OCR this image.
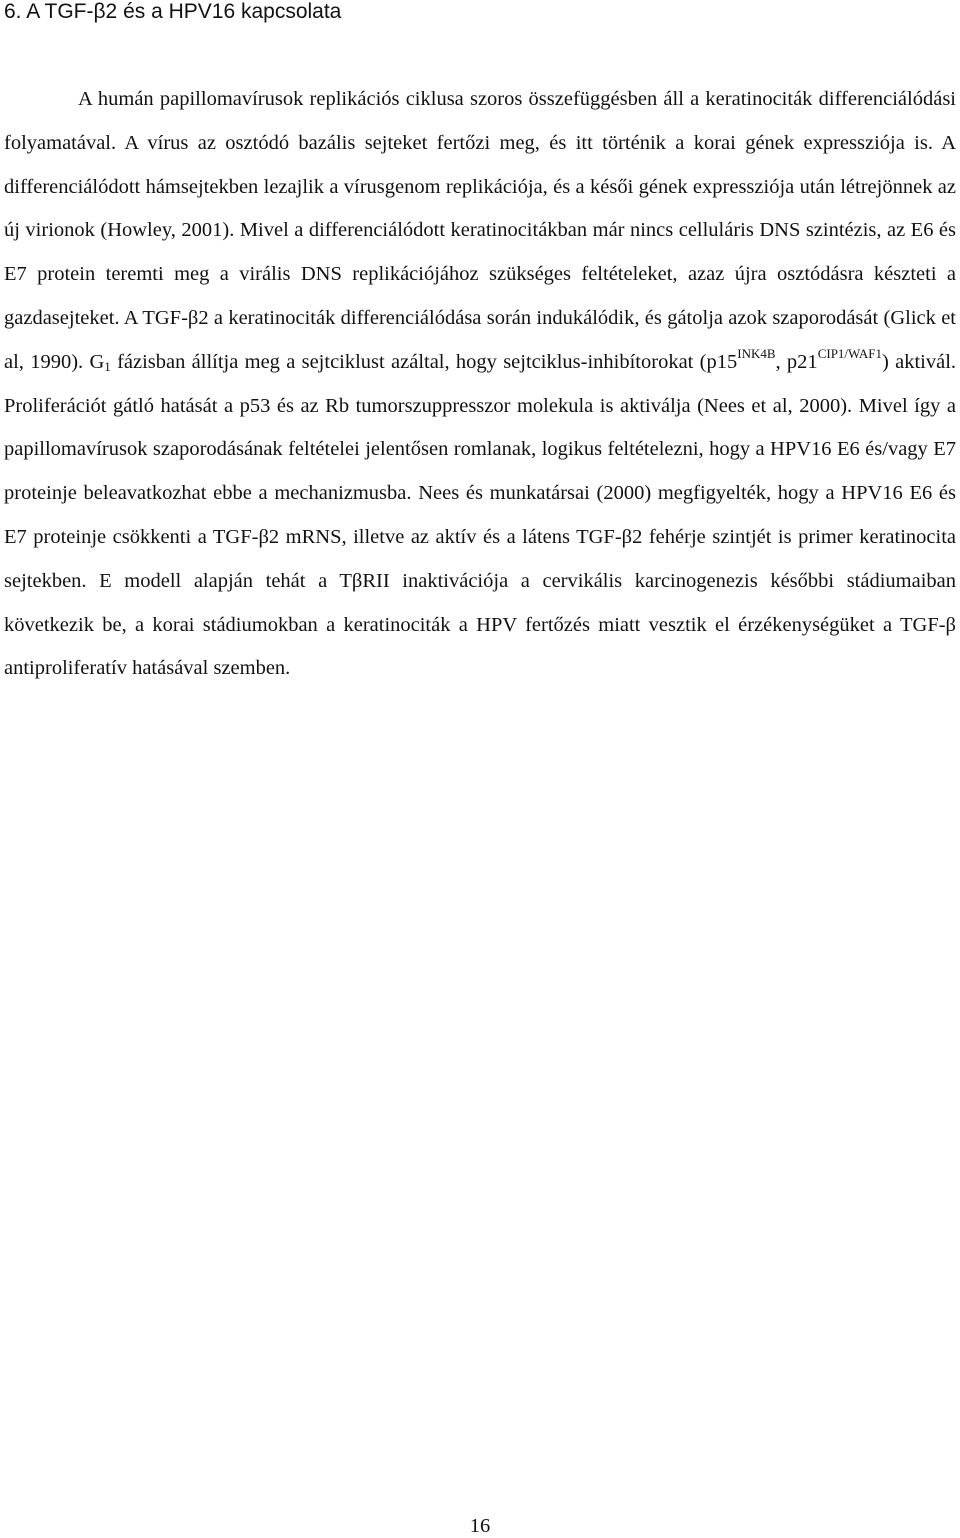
6. A TGF-β2 és a HPV16 kapcsolata

A humán papillomavírusok replikációs ciklusa szoros összefüggésben áll a keratinociták differenciálódási folyamatával. A vírus az osztódó bazális sejteket fertőzi meg, és itt történik a korai gének expressziója is. A differenciálódott hámsejtekben lezajlik a vírusgenom replikációja, és a késői gének expressziója után létrejönnek az új virionok (Howley, 2001). Mivel a differenciálódott keratinocitákban már nincs celluláris DNS szintézis, az E6 és E7 protein teremti meg a virális DNS replikációjához szükséges feltételeket, azaz újra osztódásra készteti a gazdasejteket. A TGF-β2 a keratinociták differenciálódása során indukálódik, és gátolja azok szaporodását (Glick et al, 1990). $G_1$ fázisban állítja meg a sejtciklust azáltal, hogy sejtciklus-inhibítorokat ($p15^{INK4B}$, $p21^{CIP1/WAF1}$) aktivál. Proliferációt gátló hatását a p53 és az Rb tumorszuppresszor molekula is aktiválja (Nees et al, 2000). Mivel így a papillomavírusok szaporodásának feltételei jelentősen romlanak, logikus feltételezni, hogy a HPV16 E6 és/vagy E7 proteinje beleavatkozhat ebbe a mechanizmusba. Nees és munkatársai (2000) megfigyelték, hogy a HPV16 E6 és E7 proteinje csökkenti a TGF-β2 mRNS, illetve az aktív és a látens TGF-β2 fehérje szintjét is primer keratinocita sejtekben. E modell alapján tehát a TβRII inaktivációja a cervikális karcinogenezis későbbi stádiumaiban következik be, a korai stádiumokban a keratinociták a HPV fertőzés miatt vesztik el érzékenységüket a TGF-β antiproliferatív hatásával szemben.

16
